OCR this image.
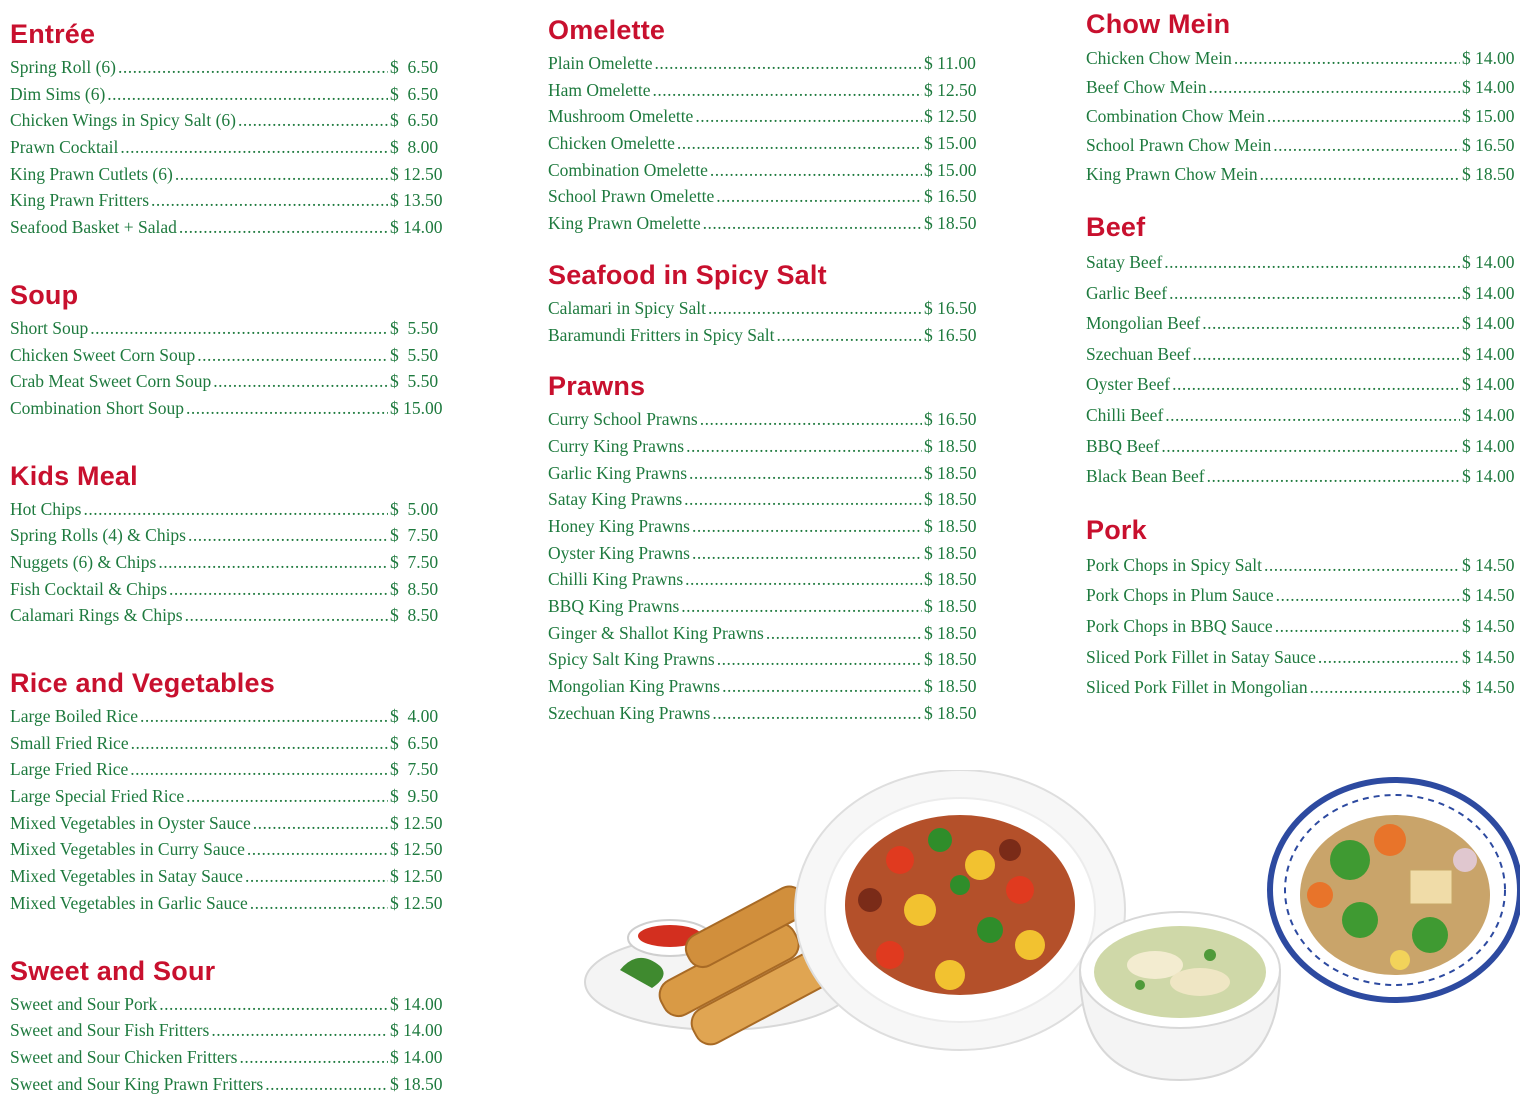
Entrée
Spring Roll (6) .....	$  6.50
Dim Sims (6) .....	$  6.50
Chicken Wings in Spicy Salt (6) .....	$  6.50
Prawn Cocktail .....	$  8.00
King Prawn Cutlets (6) .....	$ 12.50
King Prawn Fritters .....	$ 13.50
Seafood Basket + Salad .....	$ 14.00
Soup
Short Soup .....	$  5.50
Chicken Sweet Corn Soup .....	$  5.50
Crab Meat Sweet Corn Soup .....	$  5.50
Combination Short Soup .....	$ 15.00
Kids Meal
Hot Chips .....	$  5.00
Spring Rolls (4) & Chips .....	$  7.50
Nuggets (6) & Chips .....	$  7.50
Fish Cocktail & Chips .....	$  8.50
Calamari Rings & Chips .....	$  8.50
Rice and Vegetables
Large Boiled Rice .....	$  4.00
Small Fried Rice .....	$  6.50
Large Fried Rice .....	$  7.50
Large Special Fried Rice .....	$  9.50
Mixed Vegetables in Oyster Sauce .....	$ 12.50
Mixed Vegetables in Curry Sauce .....	$ 12.50
Mixed Vegetables in Satay Sauce .....	$ 12.50
Mixed Vegetables in Garlic Sauce .....	$ 12.50
Sweet and Sour
Sweet and Sour Pork .....	$ 14.00
Sweet and Sour Fish Fritters .....	$ 14.00
Sweet and Sour Chicken Fritters .....	$ 14.00
Sweet and Sour King Prawn Fritters .....	$ 18.50
Omelette
Plain Omelette .....	$ 11.00
Ham Omelette .....	$ 12.50
Mushroom Omelette .....	$ 12.50
Chicken Omelette .....	$ 15.00
Combination Omelette .....	$ 15.00
School Prawn Omelette .....	$ 16.50
King Prawn Omelette .....	$ 18.50
Seafood in Spicy Salt
Calamari in Spicy Salt .....	$ 16.50
Baramundi Fritters in Spicy Salt .....	$ 16.50
Prawns
Curry School Prawns .....	$ 16.50
Curry King Prawns .....	$ 18.50
Garlic King Prawns .....	$ 18.50
Satay King Prawns .....	$ 18.50
Honey King Prawns .....	$ 18.50
Oyster King Prawns .....	$ 18.50
Chilli King Prawns .....	$ 18.50
BBQ King Prawns .....	$ 18.50
Ginger & Shallot King Prawns .....	$ 18.50
Spicy Salt King Prawns .....	$ 18.50
Mongolian King Prawns .....	$ 18.50
Szechuan King Prawns .....	$ 18.50
Chow Mein
Chicken Chow Mein .....	$ 14.00
Beef Chow Mein .....	$ 14.00
Combination Chow Mein .....	$ 15.00
School Prawn Chow Mein .....	$ 16.50
King Prawn Chow Mein .....	$ 18.50
Beef
Satay Beef .....	$ 14.00
Garlic Beef .....	$ 14.00
Mongolian Beef .....	$ 14.00
Szechuan Beef .....	$ 14.00
Oyster Beef .....	$ 14.00
Chilli Beef .....	$ 14.00
BBQ Beef .....	$ 14.00
Black Bean Beef .....	$ 14.00
Pork
Pork Chops in Spicy Salt .....	$ 14.50
Pork Chops in Plum Sauce .....	$ 14.50
Pork Chops in BBQ Sauce .....	$ 14.50
Sliced Pork Fillet in Satay Sauce .....	$ 14.50
Sliced Pork Fillet in Mongolian .....	$ 14.50
